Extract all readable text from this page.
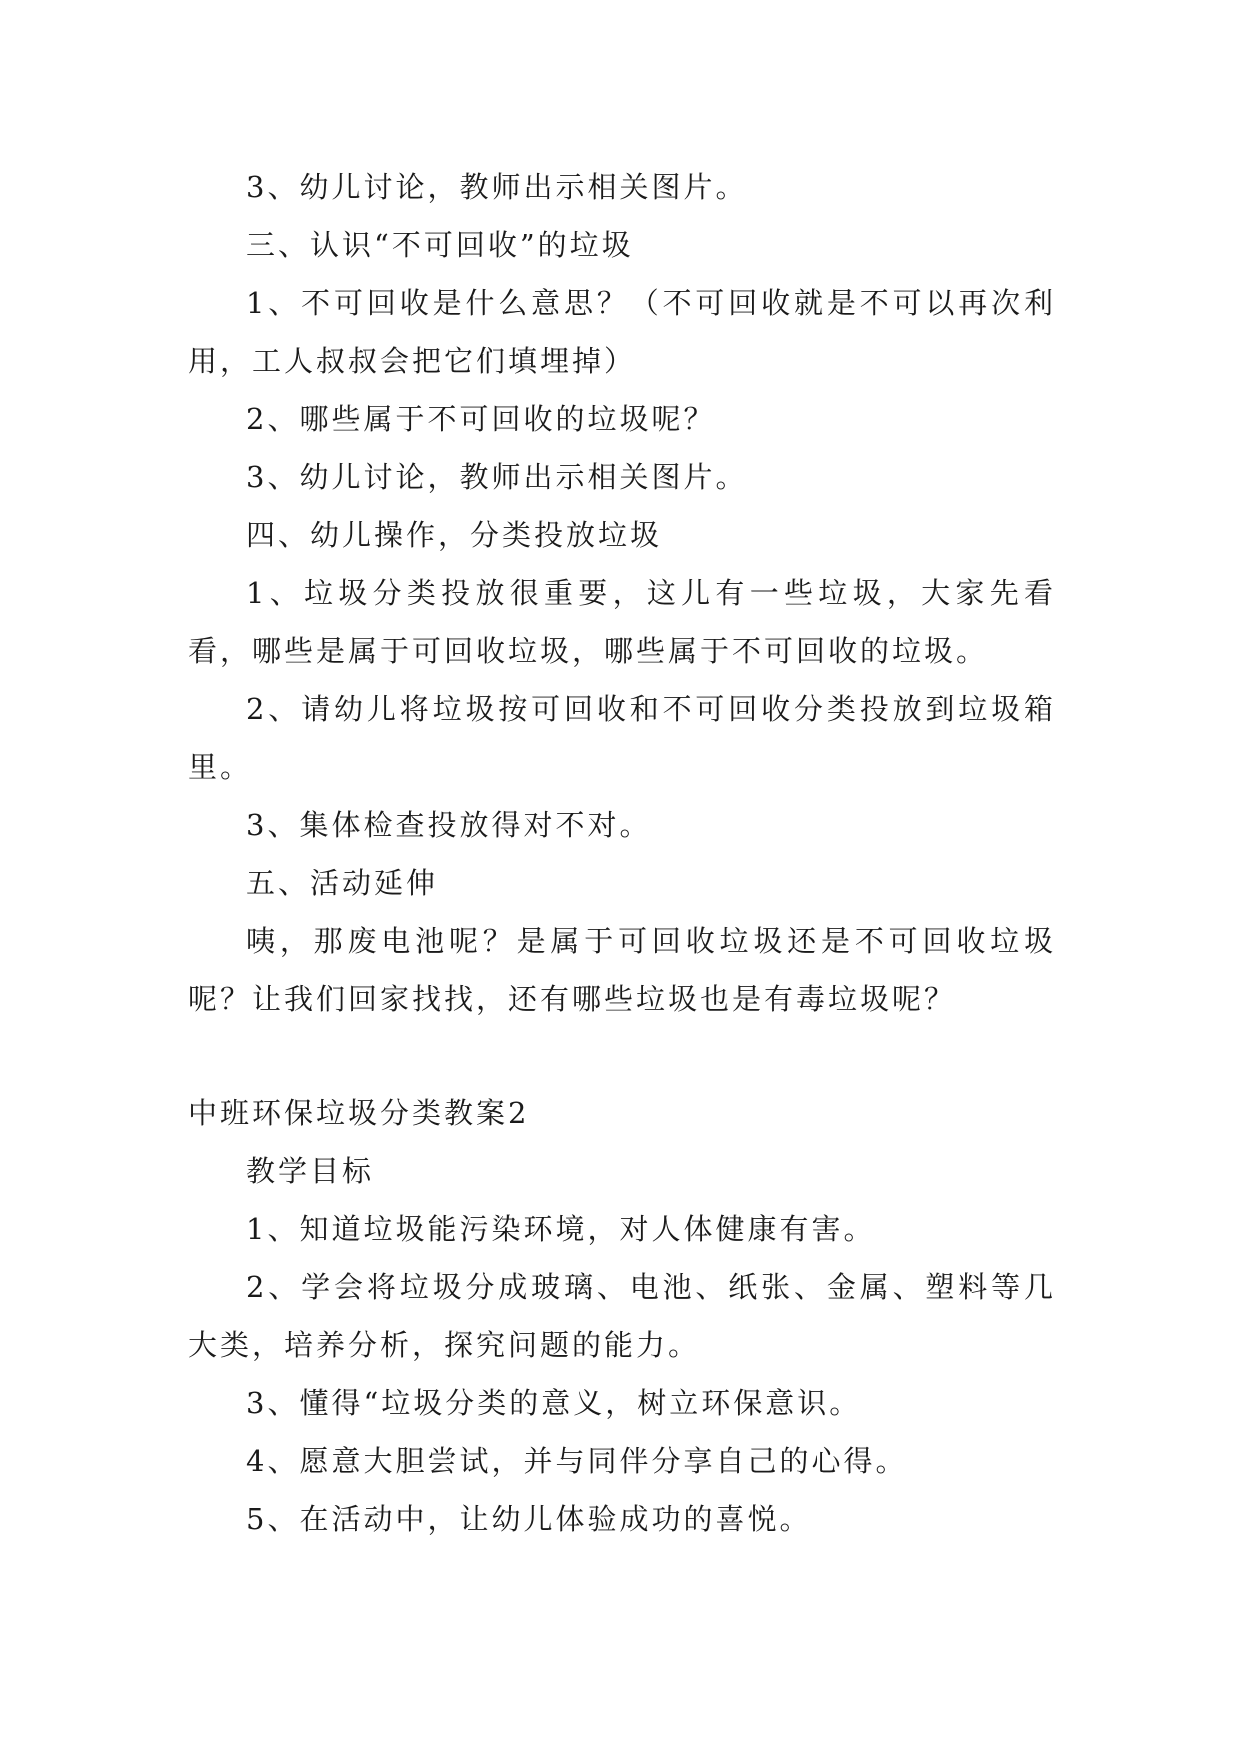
3、幼儿讨论，教师出示相关图片。

三、认识“不可回收”的垃圾

1、不可回收是什么意思？（不可回收就是不可以再次利用，工人叔叔会把它们填埋掉）

2、哪些属于不可回收的垃圾呢？

3、幼儿讨论，教师出示相关图片。

四、幼儿操作，分类投放垃圾

1、垃圾分类投放很重要，这儿有一些垃圾，大家先看看，哪些是属于可回收垃圾，哪些属于不可回收的垃圾。

2、请幼儿将垃圾按可回收和不可回收分类投放到垃圾箱里。

3、集体检查投放得对不对。

五、活动延伸

咦，那废电池呢？是属于可回收垃圾还是不可回收垃圾呢？让我们回家找找，还有哪些垃圾也是有毒垃圾呢？

中班环保垃圾分类教案2

教学目标

1、知道垃圾能污染环境，对人体健康有害。

2、学会将垃圾分成玻璃、电池、纸张、金属、塑料等几大类，培养分析，探究问题的能力。

3、懂得“垃圾分类的意义，树立环保意识。

4、愿意大胆尝试，并与同伴分享自己的心得。

5、在活动中，让幼儿体验成功的喜悦。
